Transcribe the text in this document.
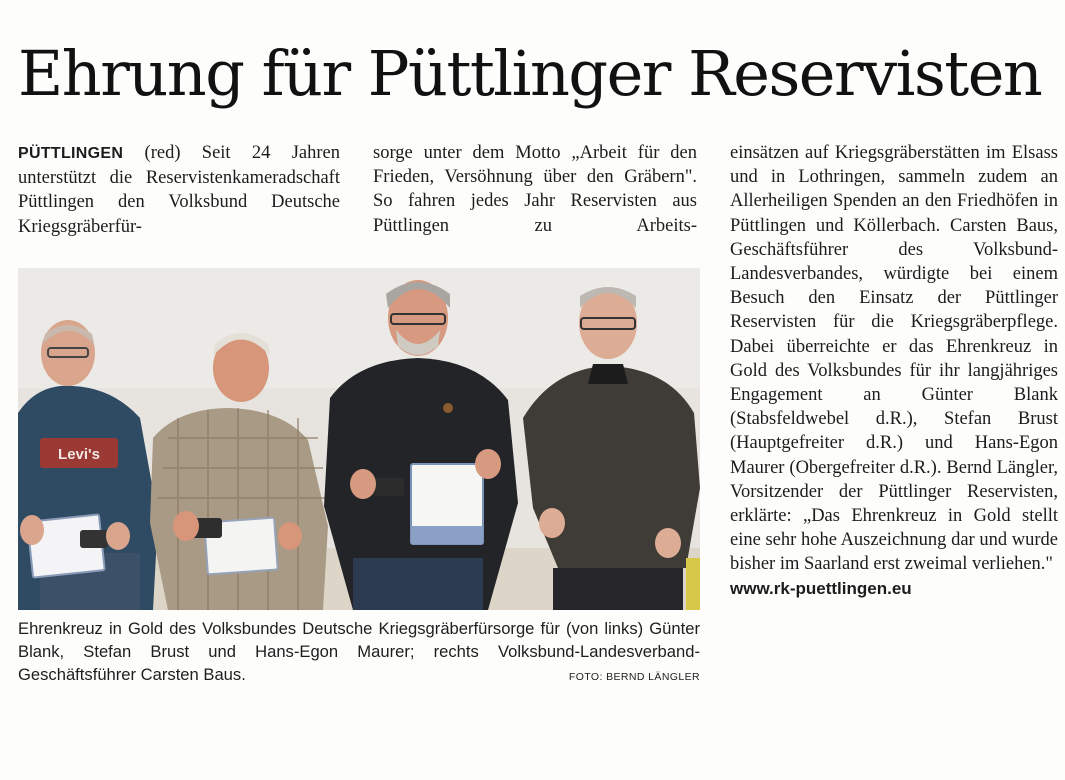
Ehrung für Püttlinger Reservisten

PÜTTLINGEN (red) Seit 24 Jahren unterstützt die Reservistenkameradschaft Püttlingen den Volksbund Deutsche Kriegsgräberfür-

sorge unter dem Motto „Arbeit für den Frieden, Versöhnung über den Gräbern". So fahren jedes Jahr Reservisten aus Püttlingen zu Arbeits-

einsätzen auf Kriegsgräberstätten im Elsass und in Lothringen, sammeln zudem an Allerheiligen Spenden an den Friedhöfen in Püttlingen und Köllerbach. Carsten Baus, Geschäftsführer des Volksbund-Landesverbandes, würdigte bei einem Besuch den Einsatz der Püttlinger Reservisten für die Kriegsgräberpflege. Dabei überreichte er das Ehrenkreuz in Gold des Volksbundes für ihr langjähriges Engagement an Günter Blank (Stabsfeldwebel d.R.), Stefan Brust (Hauptgefreiter d.R.) und Hans-Egon Maurer (Obergefreiter d.R.). Bernd Längler, Vorsitzender der Püttlinger Reservisten, erklärte: „Das Ehrenkreuz in Gold stellt eine sehr hohe Auszeichnung dar und wurde bisher im Saarland erst zweimal verliehen."

www.rk-puettlingen.eu

Levi's
Ehrenkreuz in Gold des Volksbundes Deutsche Kriegsgräberfürsorge für (von links) Günter Blank, Stefan Brust und Hans-Egon Maurer; rechts Volksbund-Landesverband-Geschäftsführer Carsten Baus.	FOTO: BERND LÄNGLER
